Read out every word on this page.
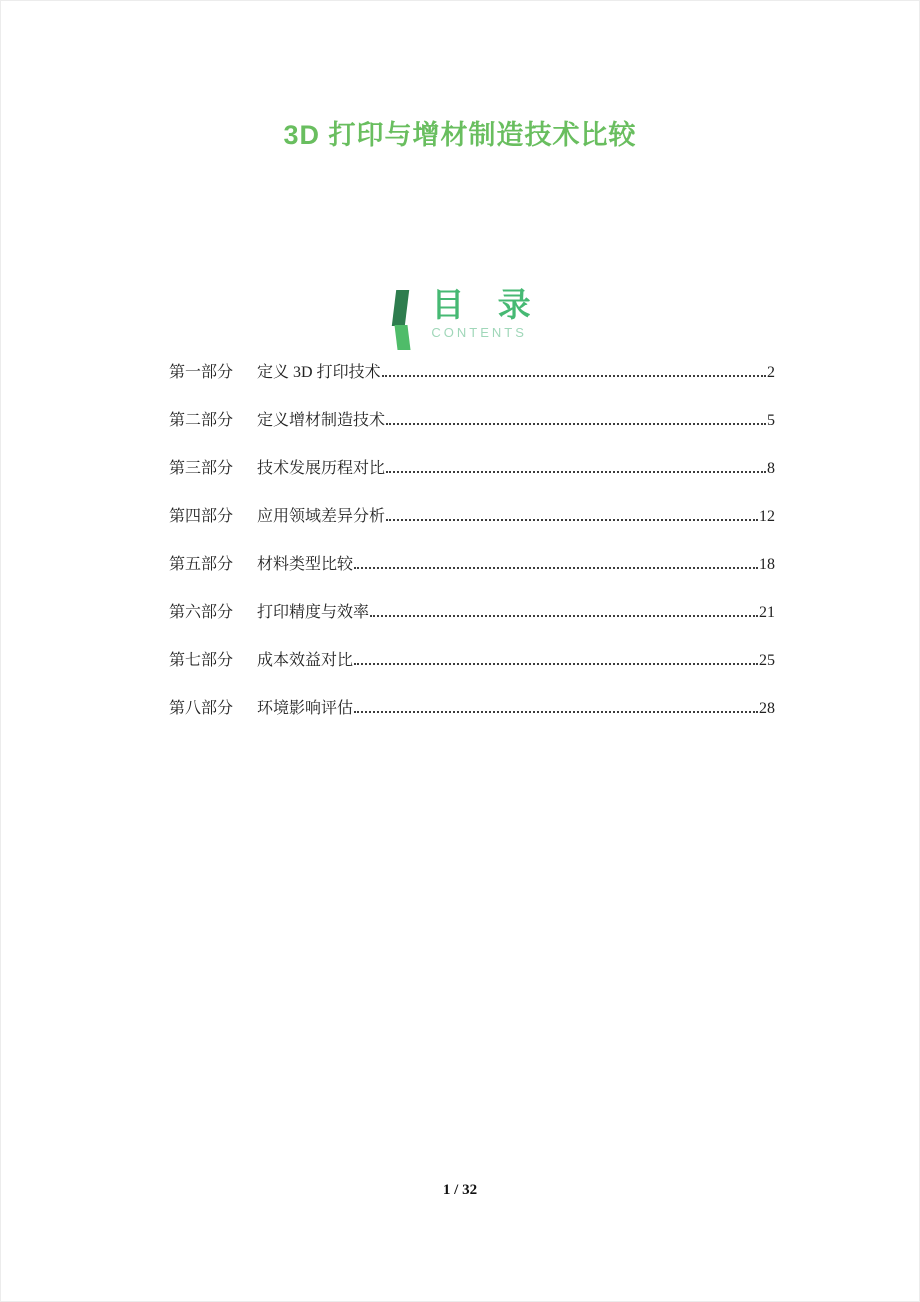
3D 打印与增材制造技术比较
目 录
CONTENTS
第一部分 定义 3D 打印技术	2
第二部分 定义增材制造技术	5
第三部分 技术发展历程对比	8
第四部分 应用领域差异分析	12
第五部分 材料类型比较	18
第六部分 打印精度与效率	21
第七部分 成本效益对比	25
第八部分 环境影响评估	28
1 / 32
